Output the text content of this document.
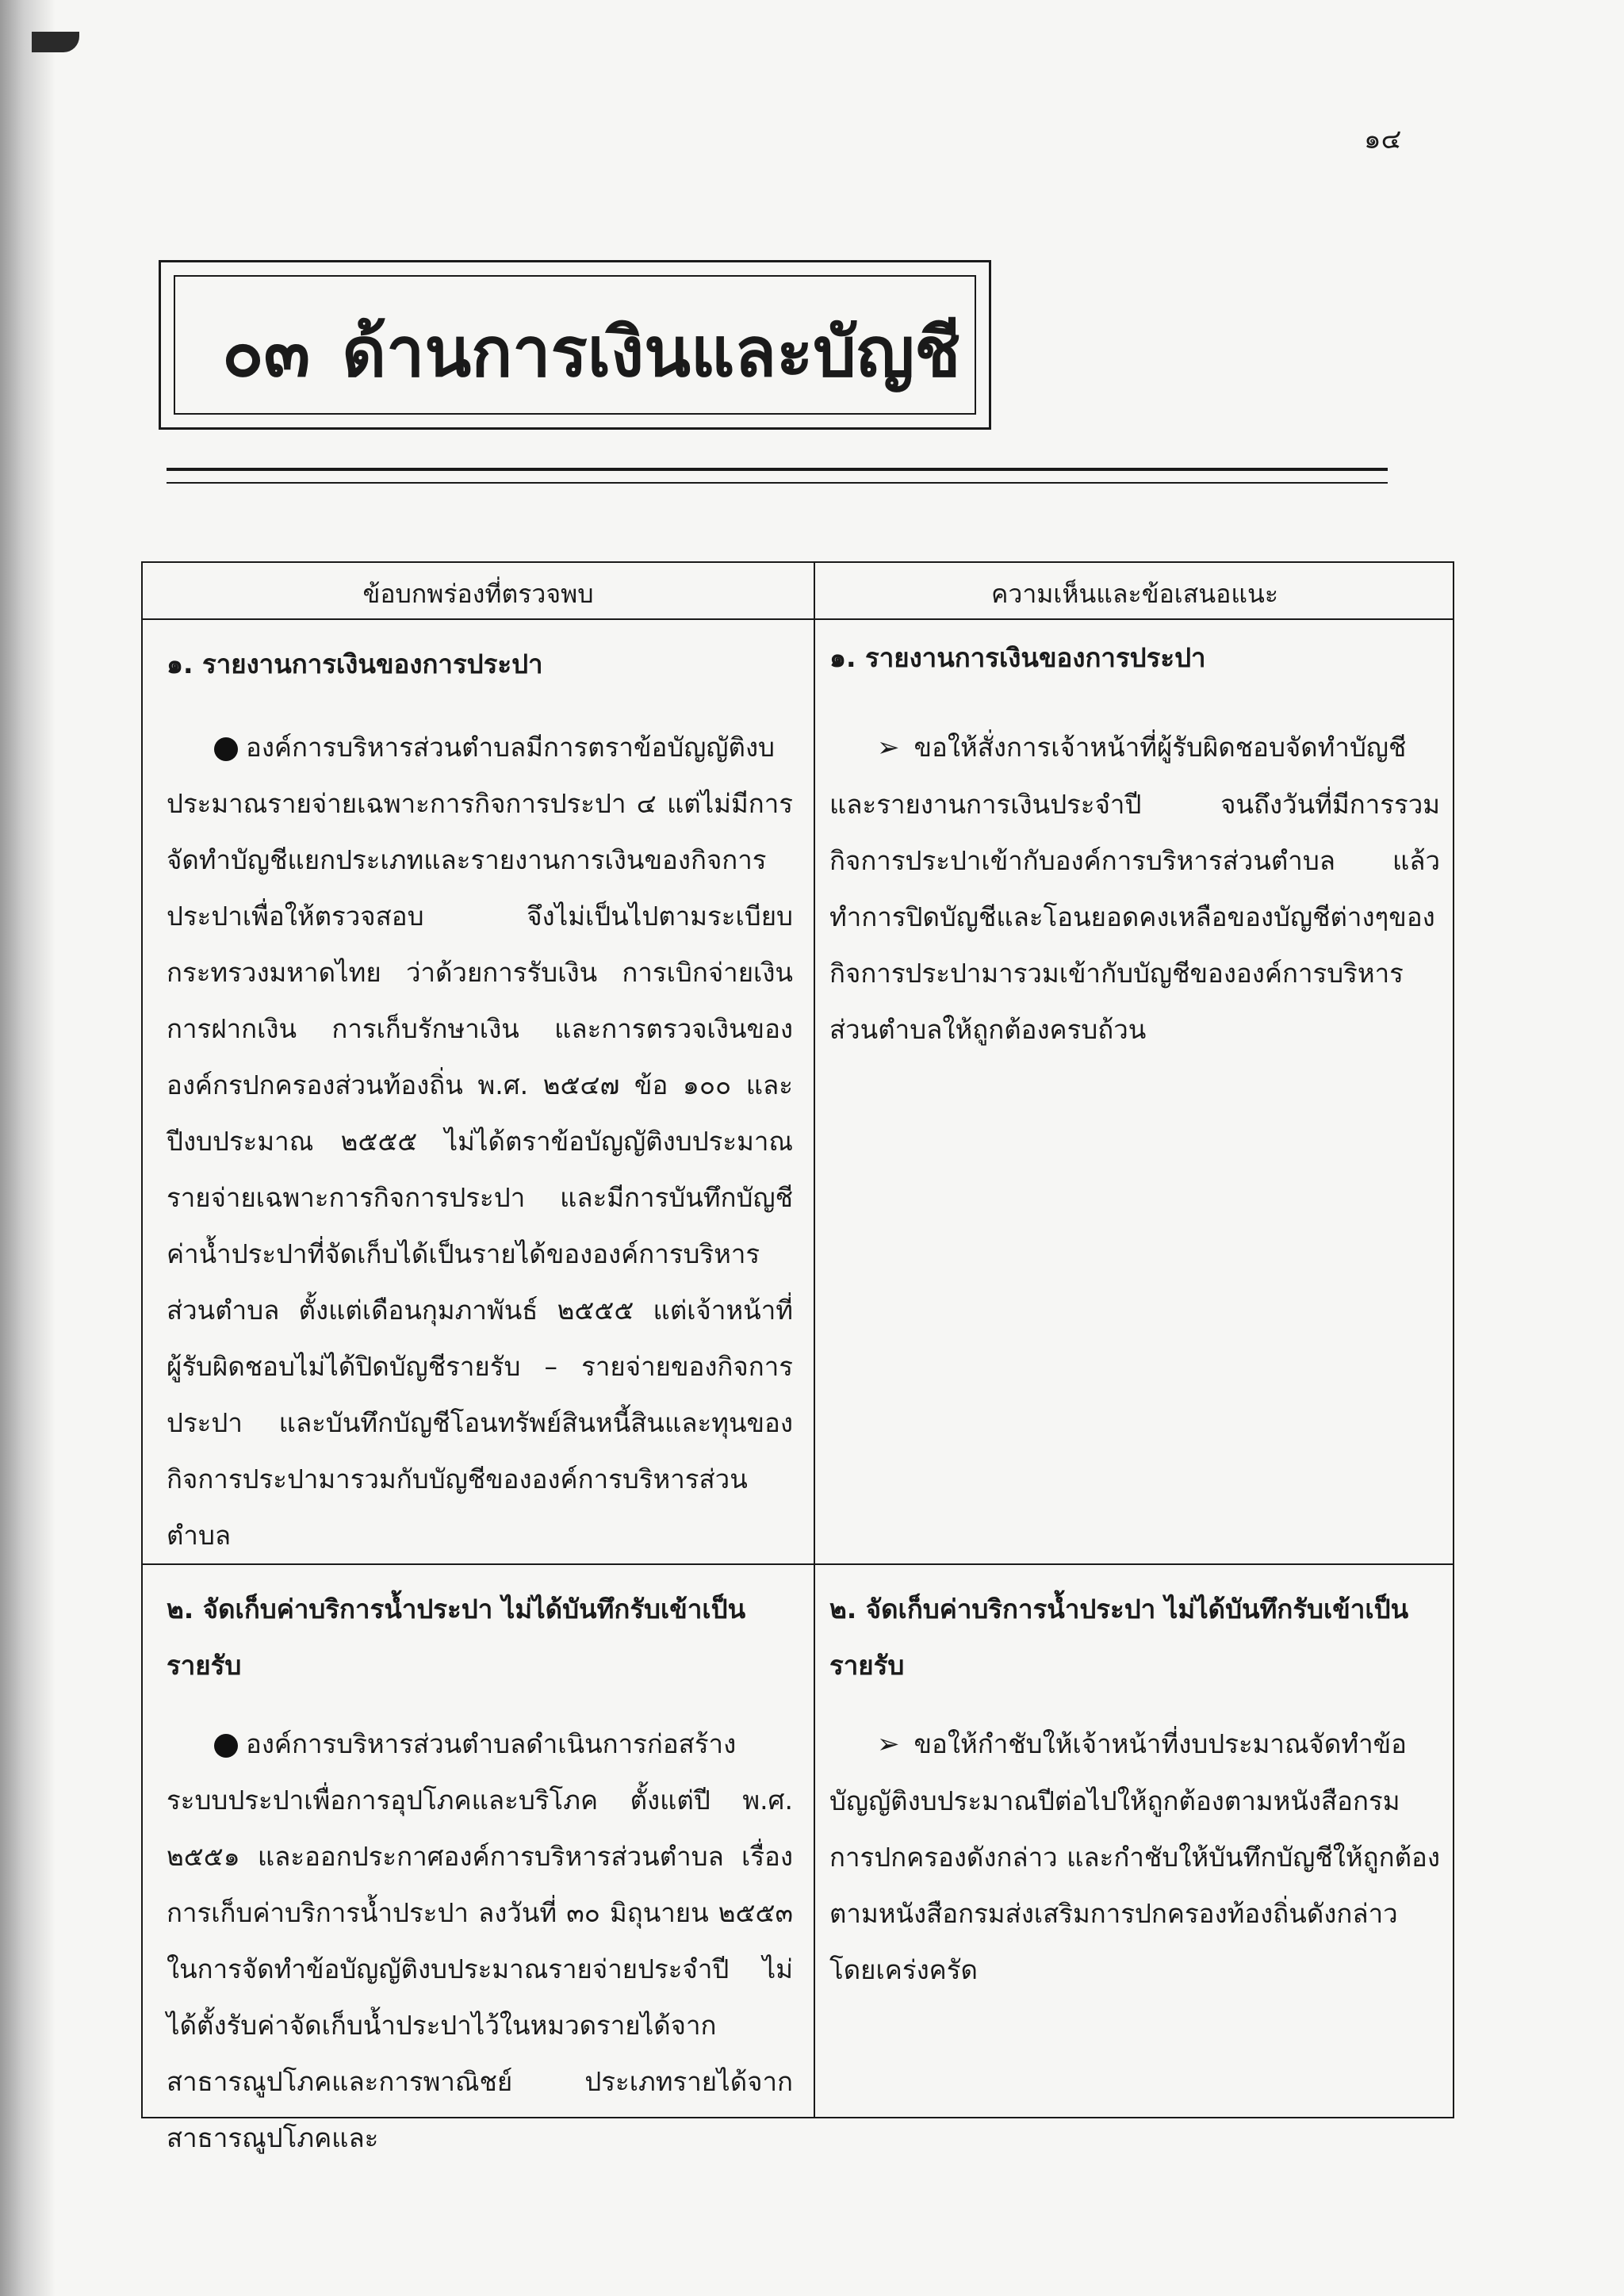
๑๔
๐๓ ด้านการเงินและบัญชี
ข้อบกพร่องที่ตรวจพบ	ความเห็นและข้อเสนอแนะ
๑. รายงานการเงินของการประปา
องค์การบริหารส่วนตำบลมีการตราข้อบัญญัติงบประมาณรายจ่ายเฉพาะการกิจการประปา ๔ แต่ไม่มีการจัดทำบัญชีแยกประเภทและรายงานการเงินของกิจการประปาเพื่อให้ตรวจสอบ จึงไม่เป็นไปตามระเบียบกระทรวงมหาดไทย ว่าด้วยการรับเงิน การเบิกจ่ายเงิน การฝากเงิน การเก็บรักษาเงิน และการตรวจเงินขององค์กรปกครองส่วนท้องถิ่น พ.ศ. ๒๕๔๗ ข้อ ๑๐๐ และปีงบประมาณ ๒๕๕๕ ไม่ได้ตราข้อบัญญัติงบประมาณรายจ่ายเฉพาะการกิจการประปา และมีการบันทึกบัญชีค่าน้ำประปาที่จัดเก็บได้เป็นรายได้ขององค์การบริหารส่วนตำบล ตั้งแต่เดือนกุมภาพันธ์ ๒๕๕๕ แต่เจ้าหน้าที่ผู้รับผิดชอบไม่ได้ปิดบัญชีรายรับ – รายจ่ายของกิจการประปา และบันทึกบัญชีโอนทรัพย์สินหนี้สินและทุนของกิจการประปามารวมกับบัญชีขององค์การบริหารส่วนตำบล
๑. รายงานการเงินของการประปา
➢ ขอให้สั่งการเจ้าหน้าที่ผู้รับผิดชอบจัดทำบัญชีและรายงานการเงินประจำปี จนถึงวันที่มีการรวมกิจการประปาเข้ากับองค์การบริหารส่วนตำบล แล้วทำการปิดบัญชีและโอนยอดคงเหลือของบัญชีต่างๆของกิจการประปามารวมเข้ากับบัญชีขององค์การบริหารส่วนตำบลให้ถูกต้องครบถ้วน
๒. จัดเก็บค่าบริการน้ำประปา ไม่ได้บันทึกรับเข้าเป็นรายรับ
องค์การบริหารส่วนตำบลดำเนินการก่อสร้างระบบประปาเพื่อการอุปโภคและบริโภค ตั้งแต่ปี พ.ศ. ๒๕๕๑ และออกประกาศองค์การบริหารส่วนตำบล เรื่อง การเก็บค่าบริการน้ำประปา ลงวันที่ ๓๐ มิถุนายน ๒๕๕๓ ในการจัดทำข้อบัญญัติงบประมาณรายจ่ายประจำปี ไม่ได้ตั้งรับค่าจัดเก็บน้ำประปาไว้ในหมวดรายได้จากสาธารณูปโภคและการพาณิชย์ ประเภทรายได้จากสาธารณูปโภคและ
๒. จัดเก็บค่าบริการน้ำประปา ไม่ได้บันทึกรับเข้าเป็นรายรับ
➢ ขอให้กำชับให้เจ้าหน้าที่งบประมาณจัดทำข้อบัญญัติงบประมาณปีต่อไปให้ถูกต้องตามหนังสือกรมการปกครองดังกล่าว และกำชับให้บันทึกบัญชีให้ถูกต้องตามหนังสือกรมส่งเสริมการปกครองท้องถิ่นดังกล่าวโดยเคร่งครัด
